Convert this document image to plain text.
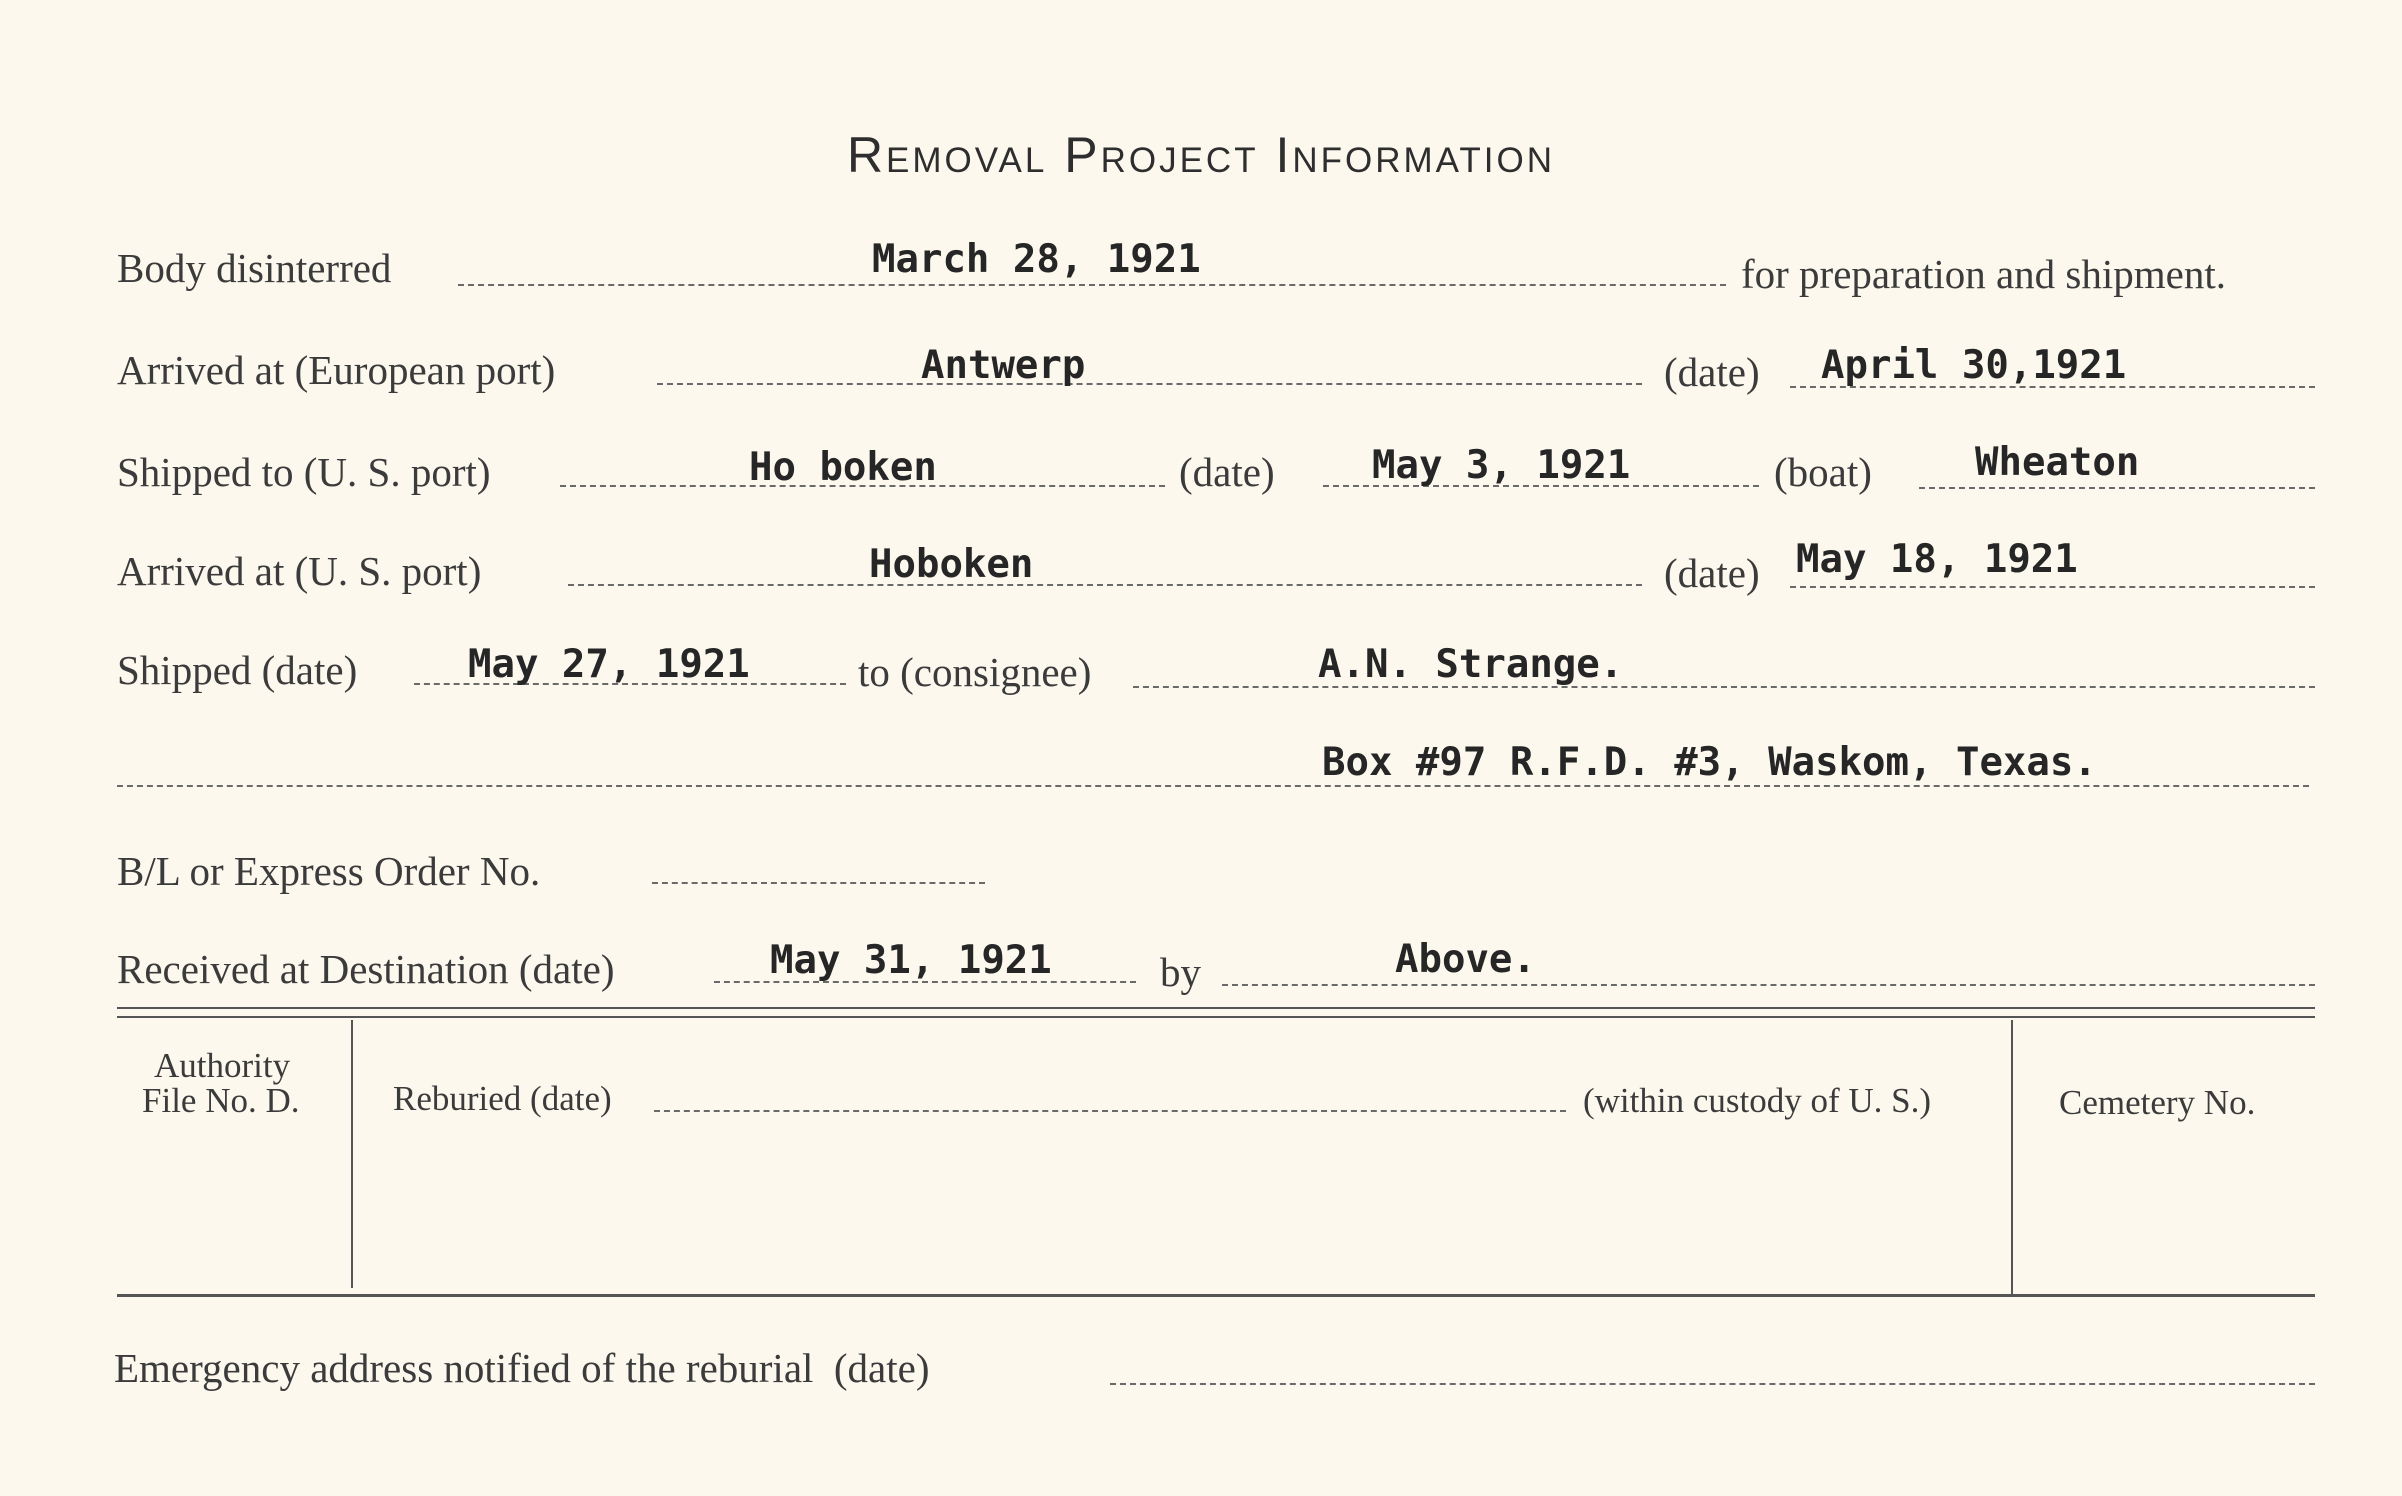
Removal Project Information
Body disinterred	March 28, 1921	for preparation and shipment.
Arrived at (European port)	Antwerp	(date) April 30,1921
Shipped to (U. S. port)	Ho boken	(date) May 3, 1921	(boat)	Wheaton
Arrived at (U. S. port)	Hoboken	(date) May 18, 1921
Shipped (date)	May 27, 1921	to (consignee)	A.N. Strange.
Box #97 R.F.D. #3, Waskom, Texas.
B/L or Express Order No.
Received at Destination (date)	May 31, 1921	by	Above.
Authority
File No. D.	Reburied (date)	(within custody of U. S.)	Cemetery No.
Emergency address notified of the reburial  (date)
